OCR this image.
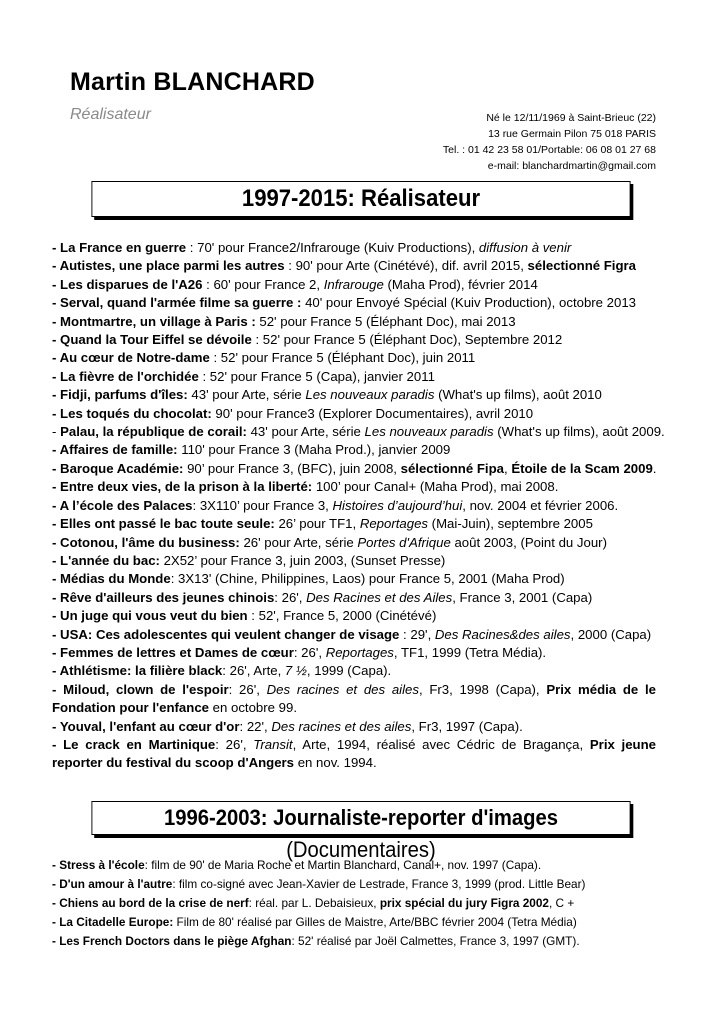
Martin BLANCHARD
Réalisateur	Né le 12/11/1969 à Saint-Brieuc (22)
13 rue Germain Pilon 75 018 PARIS
Tel. : 01 42 23 58 01/Portable: 06 08 01 27 68
e-mail: blanchardmartin@gmail.com
1997-2015: Réalisateur
- La France en guerre : 70' pour France2/Infrarouge (Kuiv Productions), diffusion à venir
- Autistes, une place parmi les autres : 90' pour Arte (Cinétévé), dif. avril 2015, sélectionné Figra
- Les disparues de l'A26 : 60' pour France 2, Infrarouge (Maha Prod), février 2014
- Serval, quand l'armée filme sa guerre : 40' pour Envoyé Spécial (Kuiv Production), octobre 2013
- Montmartre, un village à Paris : 52' pour France 5 (Éléphant Doc), mai 2013
- Quand la Tour Eiffel se dévoile : 52' pour France 5 (Éléphant Doc), Septembre 2012
- Au cœur de Notre-dame : 52' pour France 5 (Éléphant Doc), juin 2011
- La fièvre de l'orchidée : 52' pour France 5 (Capa), janvier 2011
- Fidji, parfums d'îles: 43' pour Arte, série Les nouveaux paradis (What's up films), août 2010
- Les toqués du chocolat: 90' pour France3 (Explorer Documentaires), avril 2010
- Palau, la république de corail: 43' pour Arte, série Les nouveaux paradis (What's up films), août 2009.
- Affaires de famille: 110' pour France 3 (Maha Prod.), janvier 2009
- Baroque Académie: 90’ pour France 3, (BFC), juin 2008, sélectionné Fipa, Étoile de la Scam 2009.
- Entre deux vies, de la prison à la liberté: 100’ pour Canal+ (Maha Prod), mai 2008.
- A l’école des Palaces: 3X110’ pour France 3, Histoires d’aujourd’hui, nov. 2004 et février 2006.
- Elles ont passé le bac toute seule: 26’ pour TF1, Reportages (Mai-Juin), septembre 2005
- Cotonou, l'âme du business: 26' pour Arte, série Portes d'Afrique août 2003, (Point du Jour)
- L'année du bac: 2X52’ pour France 3, juin 2003, (Sunset Presse)
- Médias du Monde: 3X13' (Chine, Philippines, Laos) pour France 5, 2001 (Maha Prod)
- Rêve d'ailleurs des jeunes chinois: 26', Des Racines et des Ailes, France 3, 2001 (Capa)
- Un juge qui vous veut du bien : 52', France 5, 2000 (Cinétévé)
- USA: Ces adolescentes qui veulent changer de visage : 29', Des Racines&des ailes, 2000 (Capa)
- Femmes de lettres et Dames de cœur: 26', Reportages, TF1, 1999 (Tetra Média).
- Athlétisme: la filière black: 26', Arte, 7 ½, 1999 (Capa).
- Miloud, clown de l'espoir: 26', Des racines et des ailes, Fr3, 1998 (Capa), Prix média de le Fondation pour l'enfance en octobre 99.
- Youval, l'enfant au cœur d'or: 22', Des racines et des ailes, Fr3, 1997 (Capa).
- Le crack en Martinique: 26', Transit, Arte, 1994, réalisé avec Cédric de Bragança, Prix jeune reporter du festival du scoop d'Angers en nov. 1994.
1996-2003: Journaliste-reporter d'images (Documentaires)
- Stress à l'école: film de 90' de Maria Roche et Martin Blanchard, Canal+, nov. 1997 (Capa).
- D'un amour à l'autre: film co-signé avec Jean-Xavier de Lestrade, France 3, 1999 (prod. Little Bear)
- Chiens au bord de la crise de nerf: réal. par L. Debaisieux, prix spécial du jury Figra 2002, C +
- La Citadelle Europe: Film de 80' réalisé par Gilles de Maistre, Arte/BBC février 2004 (Tetra Média)
- Les French Doctors dans le piège Afghan: 52' réalisé par Joël Calmettes, France 3, 1997 (GMT).
